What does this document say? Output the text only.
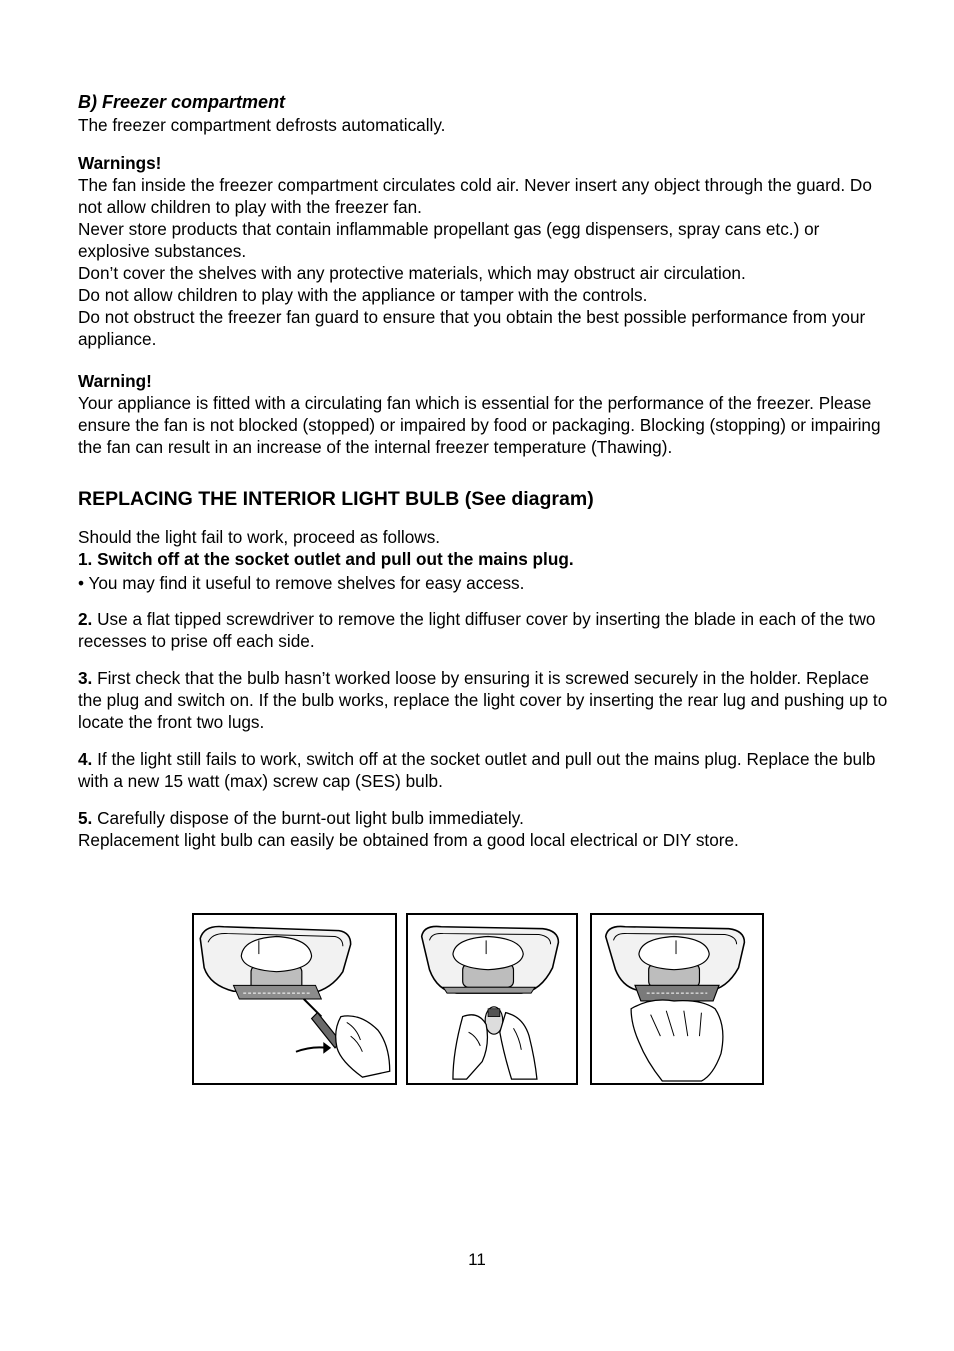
B) Freezer compartment

The freezer compartment defrosts automatically.

Warnings!

The fan inside the freezer compartment circulates cold air. Never insert any object through the guard. Do not allow children to play with the freezer fan.

Never store products that contain inflammable propellant gas (egg dispensers, spray cans etc.) or explosive substances.

Don’t cover the shelves with any protective materials, which may obstruct air circulation.

Do not allow children to play with the appliance or tamper with the controls.

Do not obstruct the freezer fan guard to ensure that you obtain the best possible performance from your appliance.

Warning!

Your appliance is fitted with a circulating fan which is essential for the performance of the freezer. Please ensure the fan is not blocked (stopped) or impaired by food or packaging. Blocking (stopping) or impairing the fan can result in an increase of the internal freezer temperature (Thawing).

REPLACING THE INTERIOR LIGHT BULB (See diagram)

Should the light fail to work, proceed as follows.

1. Switch off at the socket outlet and pull out the mains plug.

• You may find it useful to remove shelves for easy access.

2. Use a flat tipped screwdriver to remove the light diffuser cover by inserting the blade in each of the two recesses to prise off each side.

3. First check that the bulb hasn’t worked loose by ensuring it is screwed securely in the holder. Replace the plug and switch on. If the bulb works, replace the light cover by inserting the rear lug and pushing up to locate the front two lugs.

4. If the light still fails to work, switch off at the socket outlet and pull out the mains plug. Replace the bulb with a new 15 watt (max) screw cap (SES) bulb.

5. Carefully dispose of the burnt-out light bulb immediately.

Replacement light bulb can easily be obtained from a good local electrical or DIY store.

11
